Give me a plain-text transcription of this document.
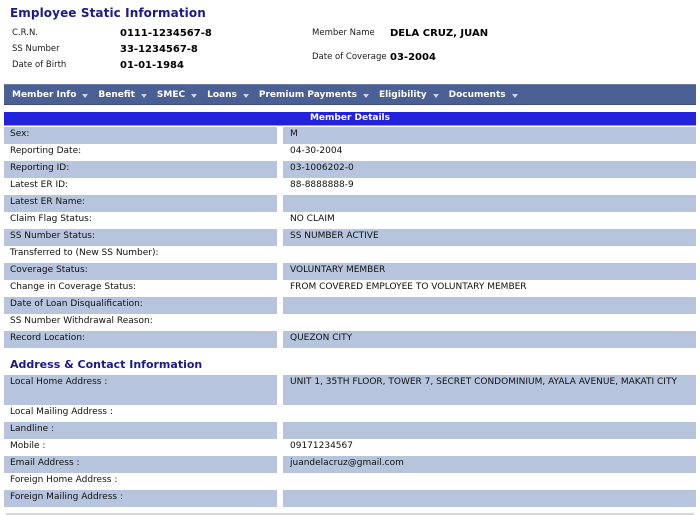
Employee Static Information
C.R.N.	0111-1234567-8
SS Number	33-1234567-8
Date of Birth	01-01-1984
Member Name	DELA CRUZ, JUAN
Date of Coverage	03-2004
Member Info Benefit SMEC Loans Premium Payments Eligibility Documents
Member Details
Sex:		M
Reporting Date:		04-30-2004
Reporting ID:		03-1006202-0
Latest ER ID:		88-8888888-9
Latest ER Name:		
Claim Flag Status:		NO CLAIM
SS Number Status:		SS NUMBER ACTIVE
Transferred to (New SS Number):		
Coverage Status:		VOLUNTARY MEMBER
Change in Coverage Status:		FROM COVERED EMPLOYEE TO VOLUNTARY MEMBER
Date of Loan Disqualification:		
SS Number Withdrawal Reason:		
Record Location:		QUEZON CITY
Address & Contact Information
Local Home Address :		UNIT 1, 35TH FLOOR, TOWER 7, SECRET CONDOMINIUM, AYALA AVENUE, MAKATI CITY
Local Mailing Address :		
Landline :		
Mobile :		09171234567
Email Address :		juandelacruz@gmail.com
Foreign Home Address :		
Foreign Mailing Address :		
